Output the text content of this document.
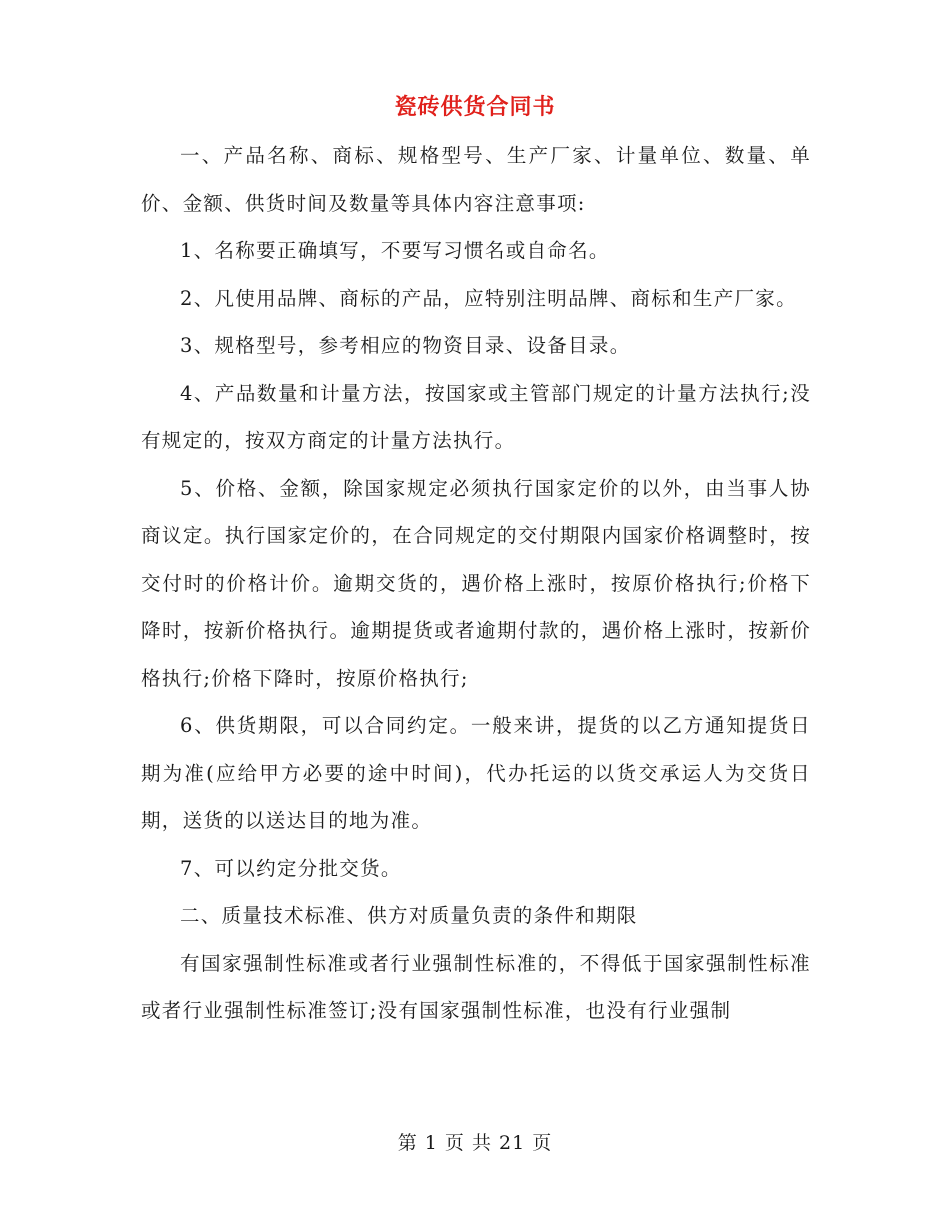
瓷砖供货合同书

一、产品名称、商标、规格型号、生产厂家、计量单位、数量、单价、金额、供货时间及数量等具体内容注意事项:

1、名称要正确填写，不要写习惯名或自命名。

2、凡使用品牌、商标的产品，应特别注明品牌、商标和生产厂家。

3、规格型号，参考相应的物资目录、设备目录。

4、产品数量和计量方法，按国家或主管部门规定的计量方法执行;没有规定的，按双方商定的计量方法执行。

5、价格、金额，除国家规定必须执行国家定价的以外，由当事人协商议定。执行国家定价的，在合同规定的交付期限内国家价格调整时，按交付时的价格计价。逾期交货的，遇价格上涨时，按原价格执行;价格下降时，按新价格执行。逾期提货或者逾期付款的，遇价格上涨时，按新价格执行;价格下降时，按原价格执行;

6、供货期限，可以合同约定。一般来讲，提货的以乙方通知提货日期为准(应给甲方必要的途中时间)，代办托运的以货交承运人为交货日期，送货的以送达目的地为准。

7、可以约定分批交货。

二、质量技术标准、供方对质量负责的条件和期限

有国家强制性标准或者行业强制性标准的，不得低于国家强制性标准或者行业强制性标准签订;没有国家强制性标准，也没有行业强制

第 1 页 共 21 页
